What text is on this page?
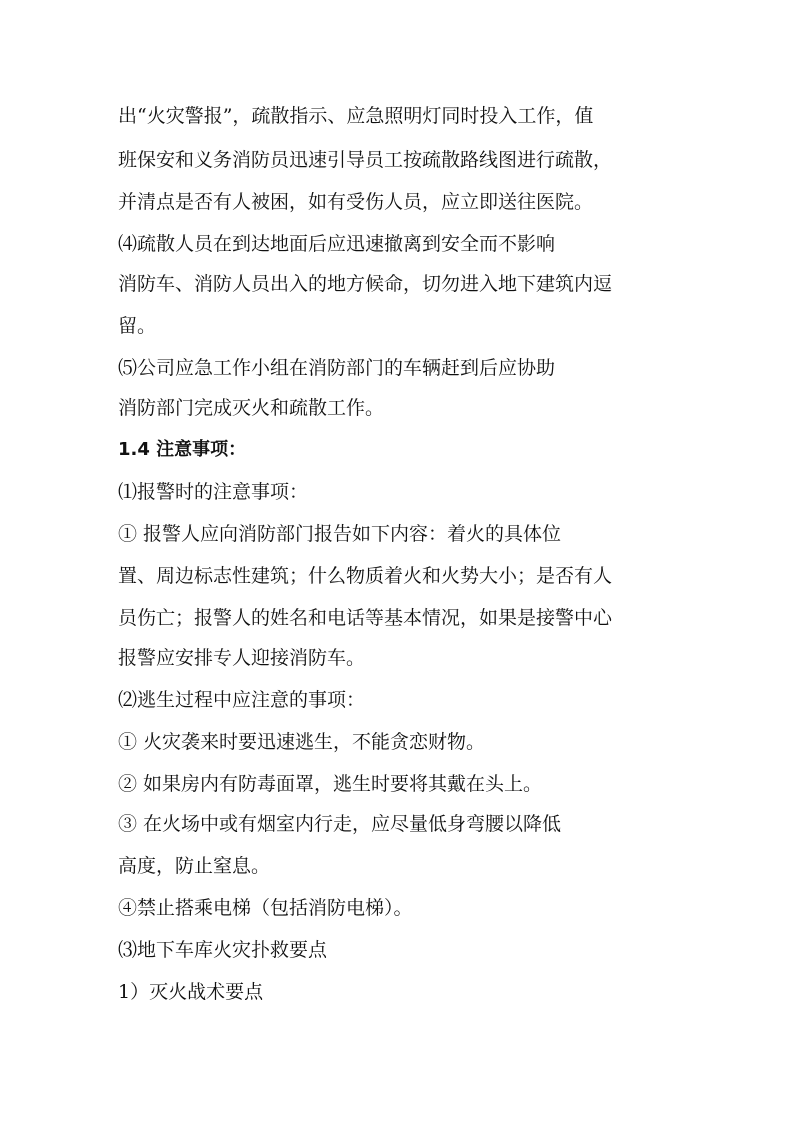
出“火灾警报”，疏散指示、应急照明灯同时投入工作，值
班保安和义务消防员迅速引导员工按疏散路线图进行疏散，
并清点是否有人被困，如有受伤人员，应立即送往医院。
⑷疏散人员在到达地面后应迅速撤离到安全而不影响
消防车、消防人员出入的地方候命，切勿进入地下建筑内逗
留。
⑸公司应急工作小组在消防部门的车辆赶到后应协助
消防部门完成灭火和疏散工作。
1.4 注意事项：
⑴报警时的注意事项：
① 报警人应向消防部门报告如下内容：着火的具体位
置、周边标志性建筑；什么物质着火和火势大小；是否有人
员伤亡；报警人的姓名和电话等基本情况，如果是接警中心
报警应安排专人迎接消防车。
⑵逃生过程中应注意的事项：
① 火灾袭来时要迅速逃生，不能贪恋财物。
② 如果房内有防毒面罩，逃生时要将其戴在头上。
③ 在火场中或有烟室内行走，应尽量低身弯腰以降低
高度，防止窒息。
④禁止搭乘电梯（包括消防电梯）。
⑶地下车库火灾扑救要点
1）灭火战术要点
